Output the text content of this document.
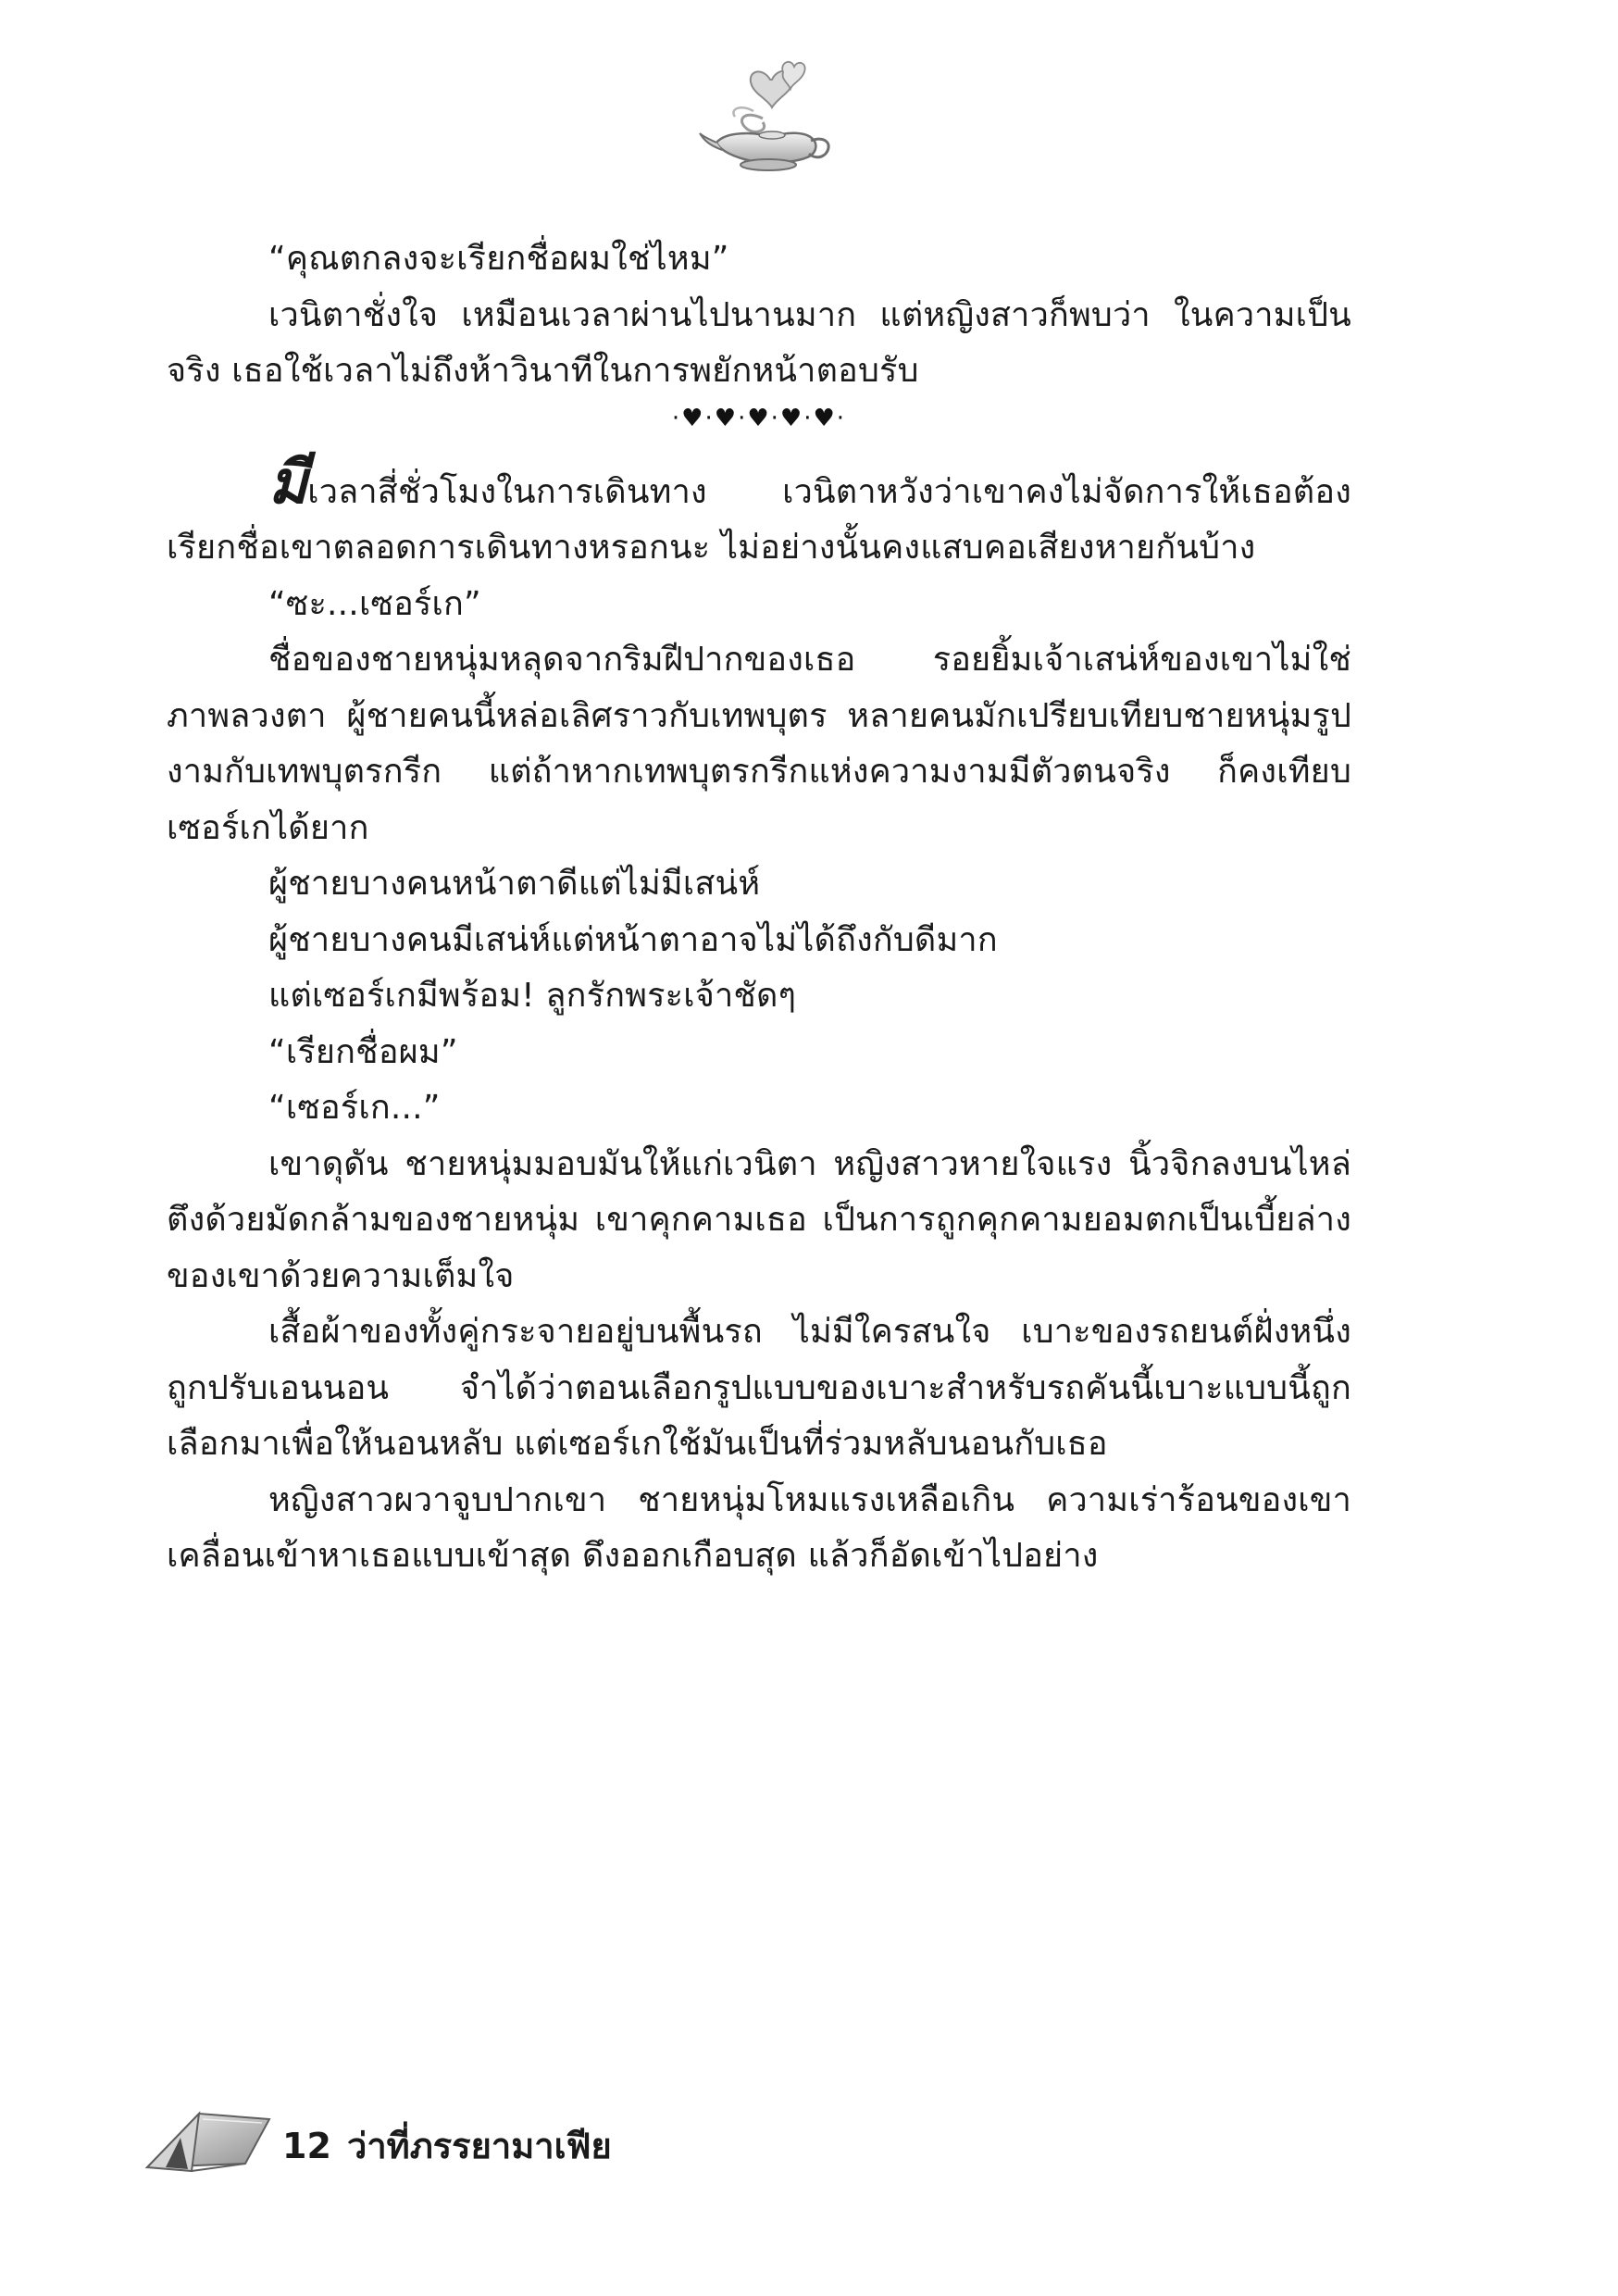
“คุณตกลงจะเรียกชื่อผมใช่ไหม”

เวนิตาชั่งใจ เหมือนเวลาผ่านไปนานมาก แต่หญิงสาวก็พบว่า ในความเป็นจริง เธอใช้เวลาไม่ถึงห้าวินาทีในการพยักหน้าตอบรับ

·♥·♥·♥·♥·♥·

มีเวลาสี่ชั่วโมงในการเดินทาง เวนิตาหวังว่าเขาคงไม่จัดการให้เธอต้องเรียกชื่อเขาตลอดการเดินทางหรอกนะ ไม่อย่างนั้นคงแสบคอเสียงหายกันบ้าง

“ซะ...เซอร์เก”

ชื่อของชายหนุ่มหลุดจากริมฝีปากของเธอ รอยยิ้มเจ้าเสน่ห์ของเขาไม่ใช่ภาพลวงตา ผู้ชายคนนี้หล่อเลิศราวกับเทพบุตร หลายคนมักเปรียบเทียบชายหนุ่มรูปงามกับเทพบุตรกรีก แต่ถ้าหากเทพบุตรกรีกแห่งความงามมีตัวตนจริง ก็คงเทียบเซอร์เกได้ยาก

ผู้ชายบางคนหน้าตาดีแต่ไม่มีเสน่ห์

ผู้ชายบางคนมีเสน่ห์แต่หน้าตาอาจไม่ได้ถึงกับดีมาก

แต่เซอร์เกมีพร้อม! ลูกรักพระเจ้าชัดๆ

“เรียกชื่อผม”

“เซอร์เก...”

เขาดุดัน ชายหนุ่มมอบมันให้แก่เวนิตา หญิงสาวหายใจแรง นิ้วจิกลงบนไหล่ตึงด้วยมัดกล้ามของชายหนุ่ม เขาคุกคามเธอ เป็นการถูกคุกคามยอมตกเป็นเบี้ยล่างของเขาด้วยความเต็มใจ

เสื้อผ้าของทั้งคู่กระจายอยู่บนพื้นรถ ไม่มีใครสนใจ เบาะของรถยนต์ฝั่งหนึ่งถูกปรับเอนนอน จำได้ว่าตอนเลือกรูปแบบของเบาะสำหรับรถคันนี้เบาะแบบนี้ถูกเลือกมาเพื่อให้นอนหลับ แต่เซอร์เกใช้มันเป็นที่ร่วมหลับนอนกับเธอ

หญิงสาวผวาจูบปากเขา ชายหนุ่มโหมแรงเหลือเกิน ความเร่าร้อนของเขาเคลื่อนเข้าหาเธอแบบเข้าสุด ดึงออกเกือบสุด แล้วก็อัดเข้าไปอย่าง

12 ว่าที่ภรรยามาเฟีย
